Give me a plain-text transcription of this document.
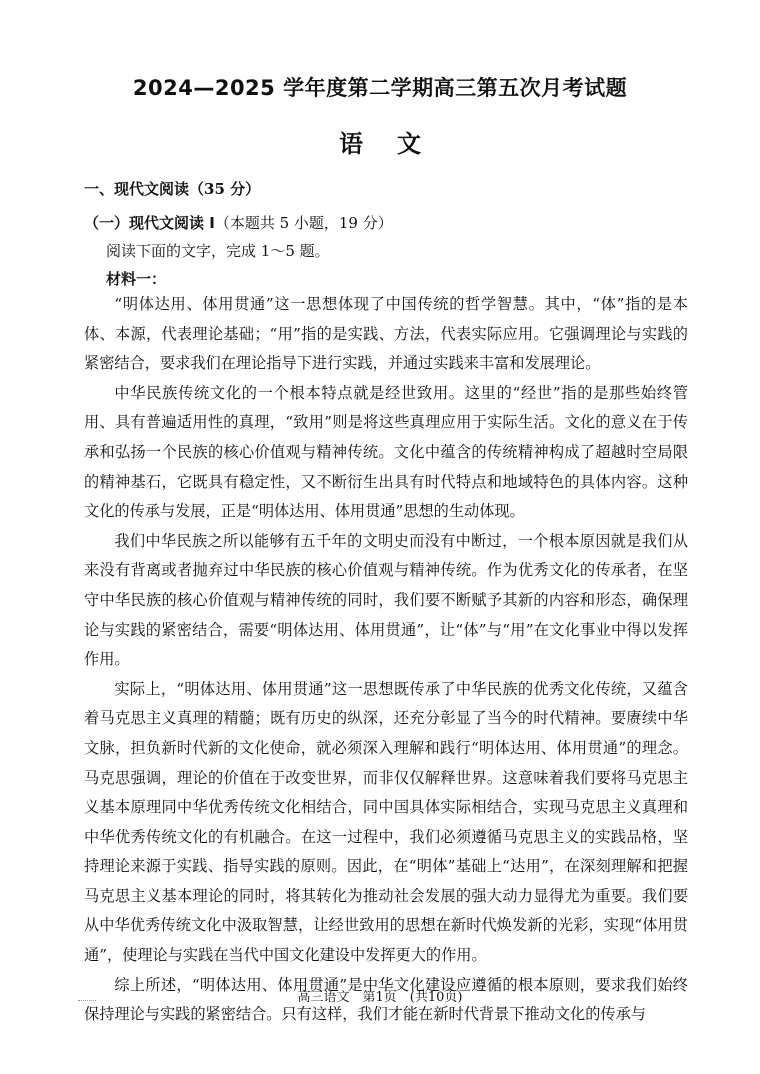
2024—2025 学年度第二学期高三第五次月考试题
语文
一、现代文阅读（35 分）
（一）现代文阅读 I（本题共 5 小题，19 分）
阅读下面的文字，完成 1～5 题。
材料一：

“明体达用、体用贯通”这一思想体现了中国传统的哲学智慧。其中，“体”指的是本体、本源，代表理论基础；“用”指的是实践、方法，代表实际应用。它强调理论与实践的紧密结合，要求我们在理论指导下进行实践，并通过实践来丰富和发展理论。

中华民族传统文化的一个根本特点就是经世致用。这里的“经世”指的是那些始终管用、具有普遍适用性的真理，“致用”则是将这些真理应用于实际生活。文化的意义在于传承和弘扬一个民族的核心价值观与精神传统。文化中蕴含的传统精神构成了超越时空局限的精神基石，它既具有稳定性，又不断衍生出具有时代特点和地域特色的具体内容。这种文化的传承与发展，正是“明体达用、体用贯通”思想的生动体现。

我们中华民族之所以能够有五千年的文明史而没有中断过，一个根本原因就是我们从来没有背离或者抛弃过中华民族的核心价值观与精神传统。作为优秀文化的传承者，在坚守中华民族的核心价值观与精神传统的同时，我们要不断赋予其新的内容和形态，确保理论与实践的紧密结合，需要“明体达用、体用贯通”，让“体”与“用”在文化事业中得以发挥作用。

实际上，“明体达用、体用贯通”这一思想既传承了中华民族的优秀文化传统，又蕴含着马克思主义真理的精髓；既有历史的纵深，还充分彰显了当今的时代精神。要赓续中华文脉，担负新时代新的文化使命，就必须深入理解和践行“明体达用、体用贯通”的理念。马克思强调，理论的价值在于改变世界，而非仅仅解释世界。这意味着我们要将马克思主义基本原理同中华优秀传统文化相结合，同中国具体实际相结合，实现马克思主义真理和中华优秀传统文化的有机融合。在这一过程中，我们必须遵循马克思主义的实践品格，坚持理论来源于实践、指导实践的原则。因此，在“明体”基础上“达用”，在深刻理解和把握马克思主义基本理论的同时，将其转化为推动社会发展的强大动力显得尤为重要。我们要从中华优秀传统文化中汲取智慧，让经世致用的思想在新时代焕发新的光彩，实现“体用贯通”，使理论与实践在当代中国文化建设中发挥更大的作用。

综上所述，“明体达用、体用贯通”是中华文化建设应遵循的根本原则，要求我们始终保持理论与实践的紧密结合。只有这样，我们才能在新时代背景下推动文化的传承与

高三语文　第1页　(共10页)
